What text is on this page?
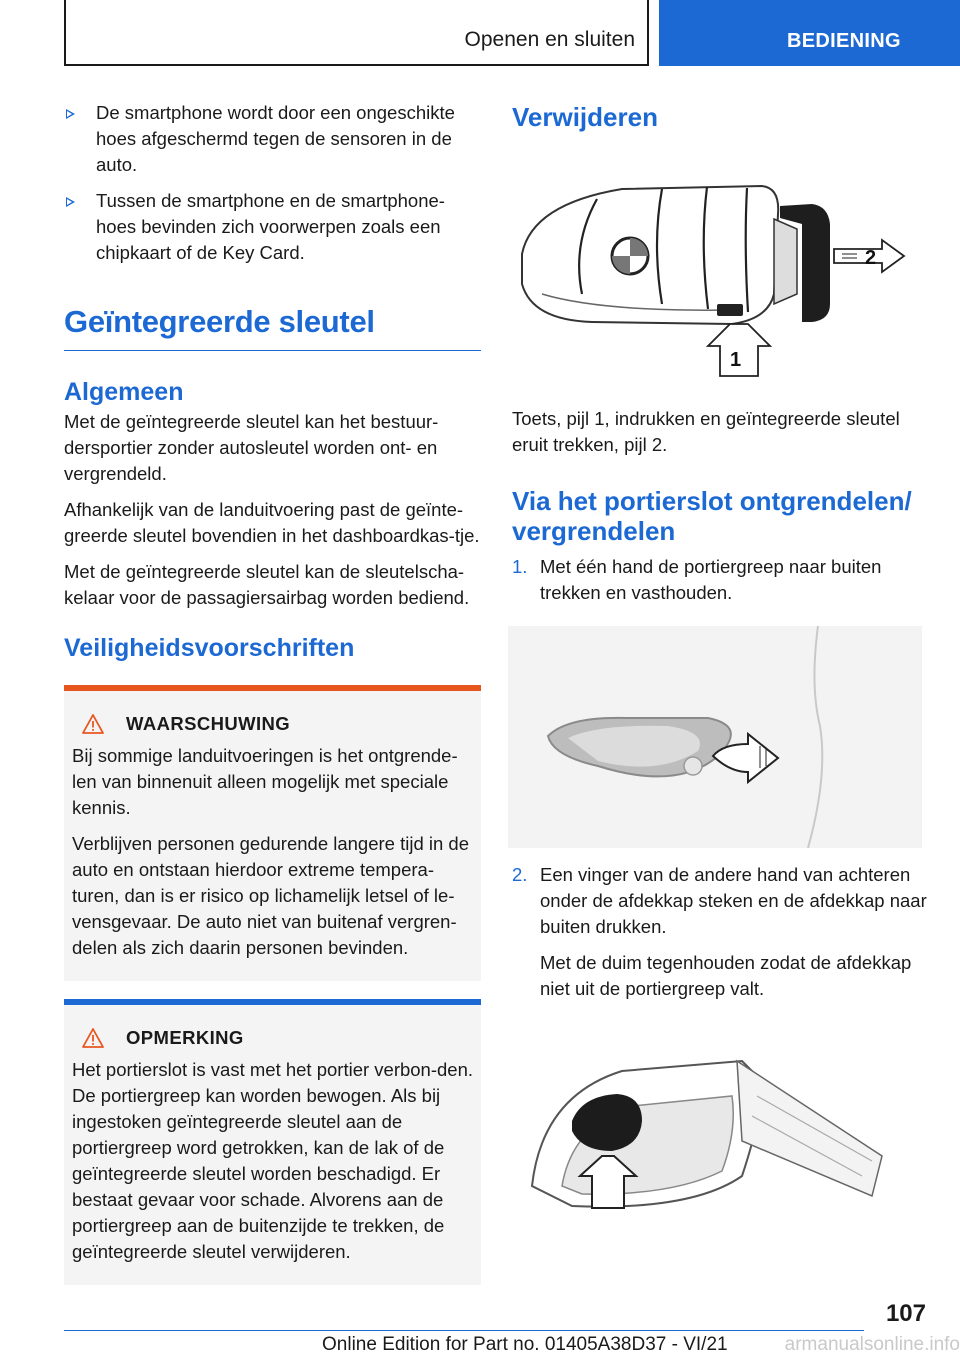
Openen en sluiten	BEDIENING
De smartphone wordt door een ongeschikte hoes afgeschermd tegen de sensoren in de auto.
Tussen de smartphone en de smartphone-hoes bevinden zich voorwerpen zoals een chipkaart of de Key Card.
Geïntegreerde sleutel
Algemeen

Met de geïntegreerde sleutel kan het bestuur-dersportier zonder autosleutel worden ont- en vergrendeld.

Afhankelijk van de landuitvoering past de geïnte-greerde sleutel bovendien in het dashboardkas-tje.

Met de geïntegreerde sleutel kan de sleutelscha-kelaar voor de passagiersairbag worden bediend.

Veiligheidsvoorschriften
WAARSCHUWING

Bij sommige landuitvoeringen is het ontgrende-len van binnenuit alleen mogelijk met speciale kennis.

Verblijven personen gedurende langere tijd in de auto en ontstaan hierdoor extreme tempera-turen, dan is er risico op lichamelijk letsel of le-vensgevaar. De auto niet van buitenaf vergren-delen als zich daarin personen bevinden.

OPMERKING

Het portierslot is vast met het portier verbon-den. De portiergreep kan worden bewogen. Als bij ingestoken geïntegreerde sleutel aan de portiergreep word getrokken, kan de lak of de geïntegreerde sleutel worden beschadigd. Er bestaat gevaar voor schade. Alvorens aan de portiergreep aan de buitenzijde te trekken, de geïntegreerde sleutel verwijderen.

Verwijderen
2
1

Toets, pijl 1, indrukken en geïntegreerde sleutel eruit trekken, pijl 2.

Via het portierslot ontgrendelen/ vergrendelen
1. Met één hand de portiergreep naar buiten trekken en vasthouden.
2. Een vinger van de andere hand van achteren onder de afdekkap steken en de afdekkap naar buiten drukken.

Met de duim tegenhouden zodat de afdekkap niet uit de portiergreep valt.

107
Online Edition for Part no. 01405A38D37 - VI/21	armanualsonline.info
